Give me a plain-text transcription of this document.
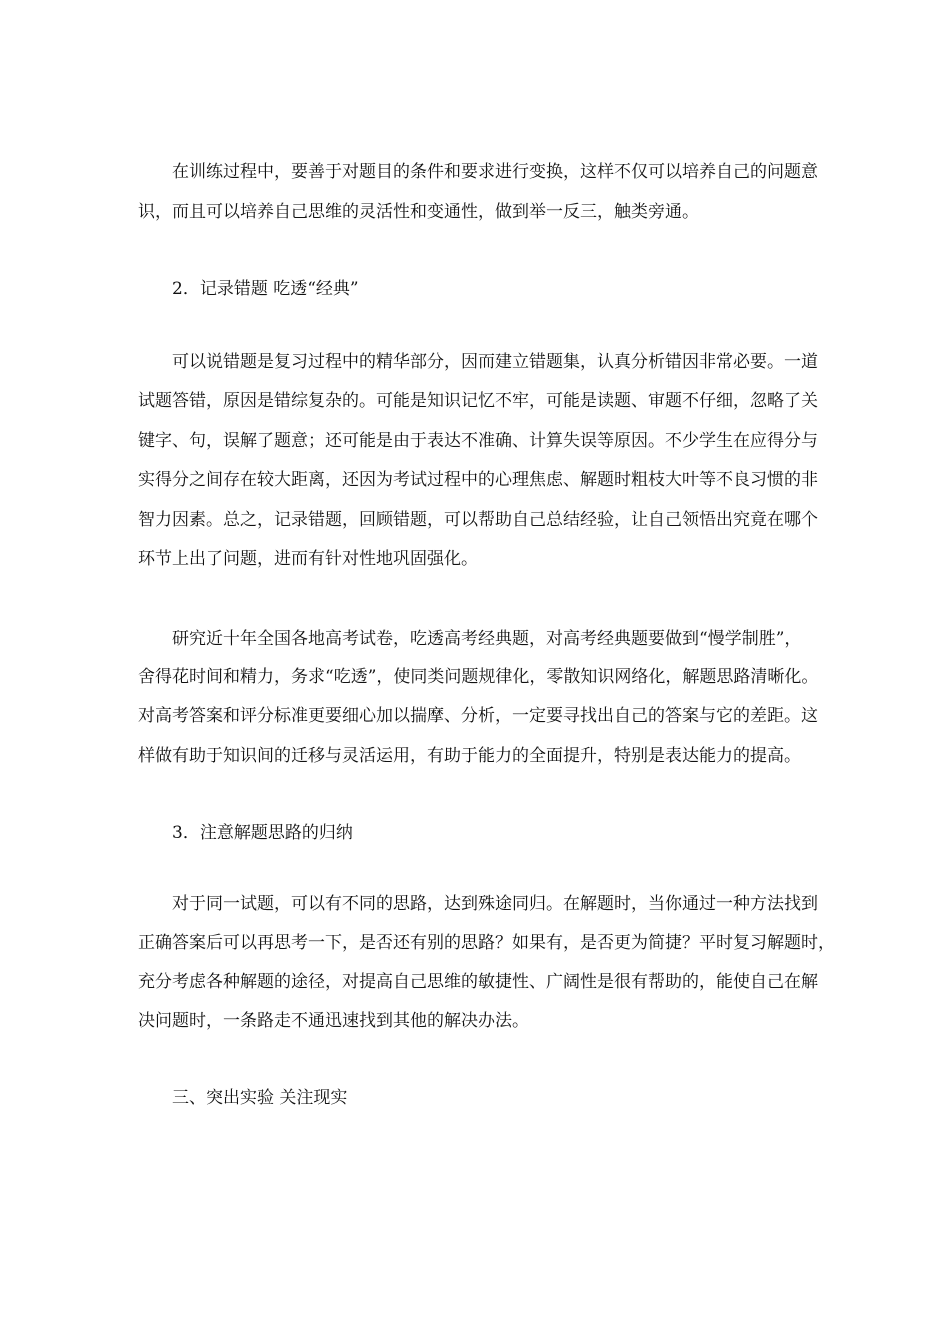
在训练过程中，要善于对题目的条件和要求进行变换，这样不仅可以培养自己的问题意
识，而且可以培养自己思维的灵活性和变通性，做到举一反三，触类旁通。
2．记录错题 吃透“经典”
可以说错题是复习过程中的精华部分，因而建立错题集，认真分析错因非常必要。一道
试题答错，原因是错综复杂的。可能是知识记忆不牢，可能是读题、审题不仔细，忽略了关
键字、句，误解了题意；还可能是由于表达不准确、计算失误等原因。不少学生在应得分与
实得分之间存在较大距离，还因为考试过程中的心理焦虑、解题时粗枝大叶等不良习惯的非
智力因素。总之，记录错题，回顾错题，可以帮助自己总结经验，让自己领悟出究竟在哪个
环节上出了问题，进而有针对性地巩固强化。
研究近十年全国各地高考试卷，吃透高考经典题，对高考经典题要做到“慢学制胜”，
舍得花时间和精力，务求“吃透”，使同类问题规律化，零散知识网络化，解题思路清晰化。
对高考答案和评分标准更要细心加以揣摩、分析，一定要寻找出自己的答案与它的差距。这
样做有助于知识间的迁移与灵活运用，有助于能力的全面提升，特别是表达能力的提高。
3．注意解题思路的归纳
对于同一试题，可以有不同的思路，达到殊途同归。在解题时，当你通过一种方法找到
正确答案后可以再思考一下，是否还有别的思路？如果有，是否更为简捷？平时复习解题时，
充分考虑各种解题的途径，对提高自己思维的敏捷性、广阔性是很有帮助的，能使自己在解
决问题时，一条路走不通迅速找到其他的解决办法。
三、突出实验 关注现实
